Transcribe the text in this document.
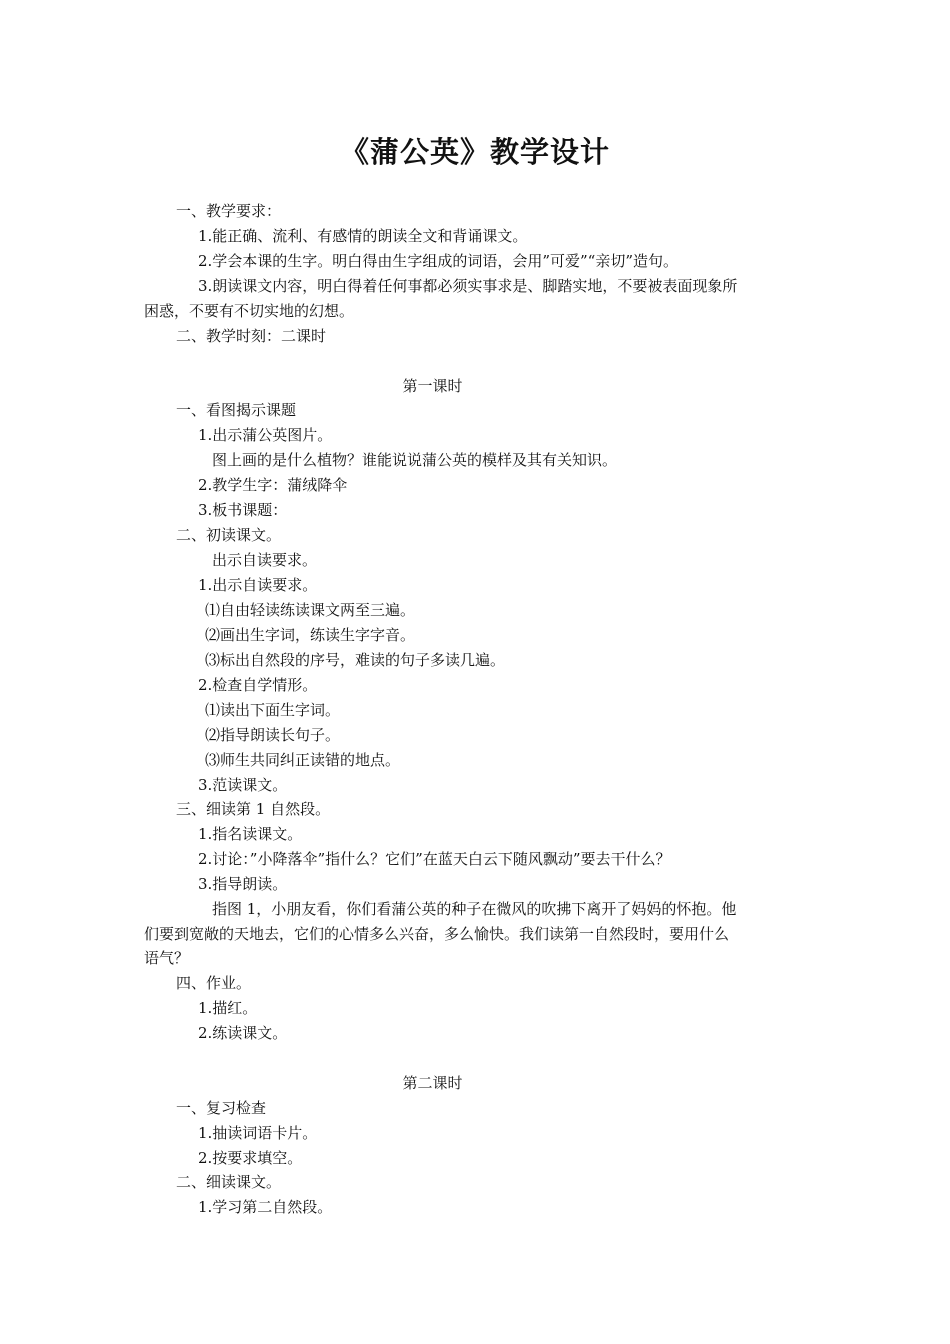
《蒲公英》教学设计
一、教学要求：
1.能正确、流利、有感情的朗读全文和背诵课文。
2.学会本课的生字。明白得由生字组成的词语，会用”可爱”“亲切”造句。
3.朗读课文内容，明白得着任何事都必须实事求是、脚踏实地，不要被表面现象所
困惑，不要有不切实地的幻想。
二、教学时刻：二课时
第一课时
一、看图揭示课题
1.出示蒲公英图片。
图上画的是什么植物？谁能说说蒲公英的模样及其有关知识。
2.教学生字：蒲绒降伞
3.板书课题：
二、初读课文。
出示自读要求。
1.出示自读要求。
⑴自由轻读练读课文两至三遍。
⑵画出生字词，练读生字字音。
⑶标出自然段的序号，难读的句子多读几遍。
2.检查自学情形。
⑴读出下面生字词。
⑵指导朗读长句子。
⑶师生共同纠正读错的地点。
3.范读课文。
三、细读第 1 自然段。
1.指名读课文。
2.讨论：”小降落伞”指什么？它们”在蓝天白云下随风飘动”要去干什么？
3.指导朗读。
指图 1，小朋友看，你们看蒲公英的种子在微风的吹拂下离开了妈妈的怀抱。他
们要到宽敞的天地去，它们的心情多么兴奋，多么愉快。我们读第一自然段时，要用什么
语气？
四、作业。
1.描红。
2.练读课文。
第二课时
一、复习检查
1.抽读词语卡片。
2.按要求填空。
二、细读课文。
1.学习第二自然段。
